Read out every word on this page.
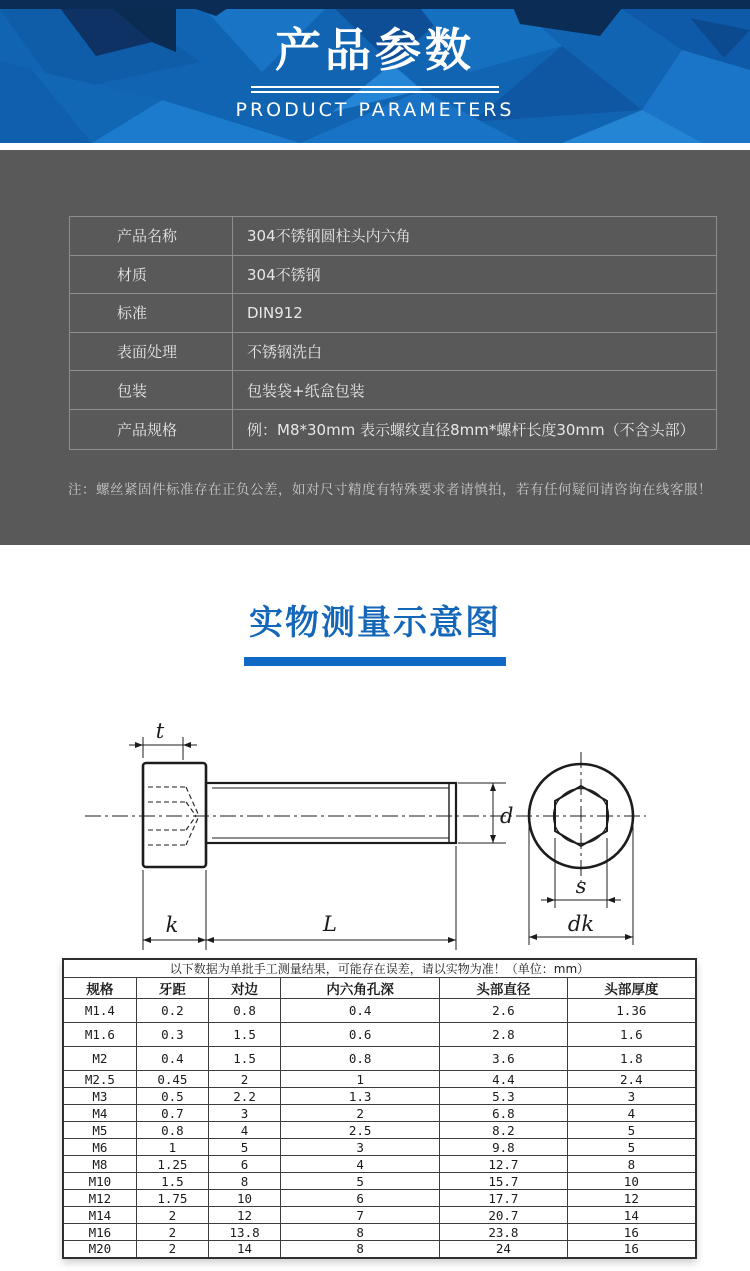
产品参数
PRODUCT PARAMETERS
产品名称	304不锈钢圆柱头内六角
材质	304不锈钢
标准	DIN912
表面处理	不锈钢洗白
包装	包装袋+纸盒包装
产品规格	例：M8*30mm 表示螺纹直径8mm*螺杆长度30mm（不含头部）
注：螺丝紧固件标准存在正负公差，如对尺寸精度有特殊要求者请慎拍，若有任何疑问请咨询在线客服！
实物测量示意图
t
d
k	L
s
dk
以下数据为单批手工测量结果，可能存在误差，请以实物为准！（单位：mm）					
规格	牙距	对边	内六角孔深	头部直径	头部厚度
M1.4	0.2	0.8	0.4	2.6	1.36
M1.6	0.3	1.5	0.6	2.8	1.6
M2	0.4	1.5	0.8	3.6	1.8
M2.5	0.45	2	1	4.4	2.4
M3	0.5	2.2	1.3	5.3	3
M4	0.7	3	2	6.8	4
M5	0.8	4	2.5	8.2	5
M6	1	5	3	9.8	5
M8	1.25	6	4	12.7	8
M10	1.5	8	5	15.7	10
M12	1.75	10	6	17.7	12
M14	2	12	7	20.7	14
M16	2	13.8	8	23.8	16
M20	2	14	8	24	16
